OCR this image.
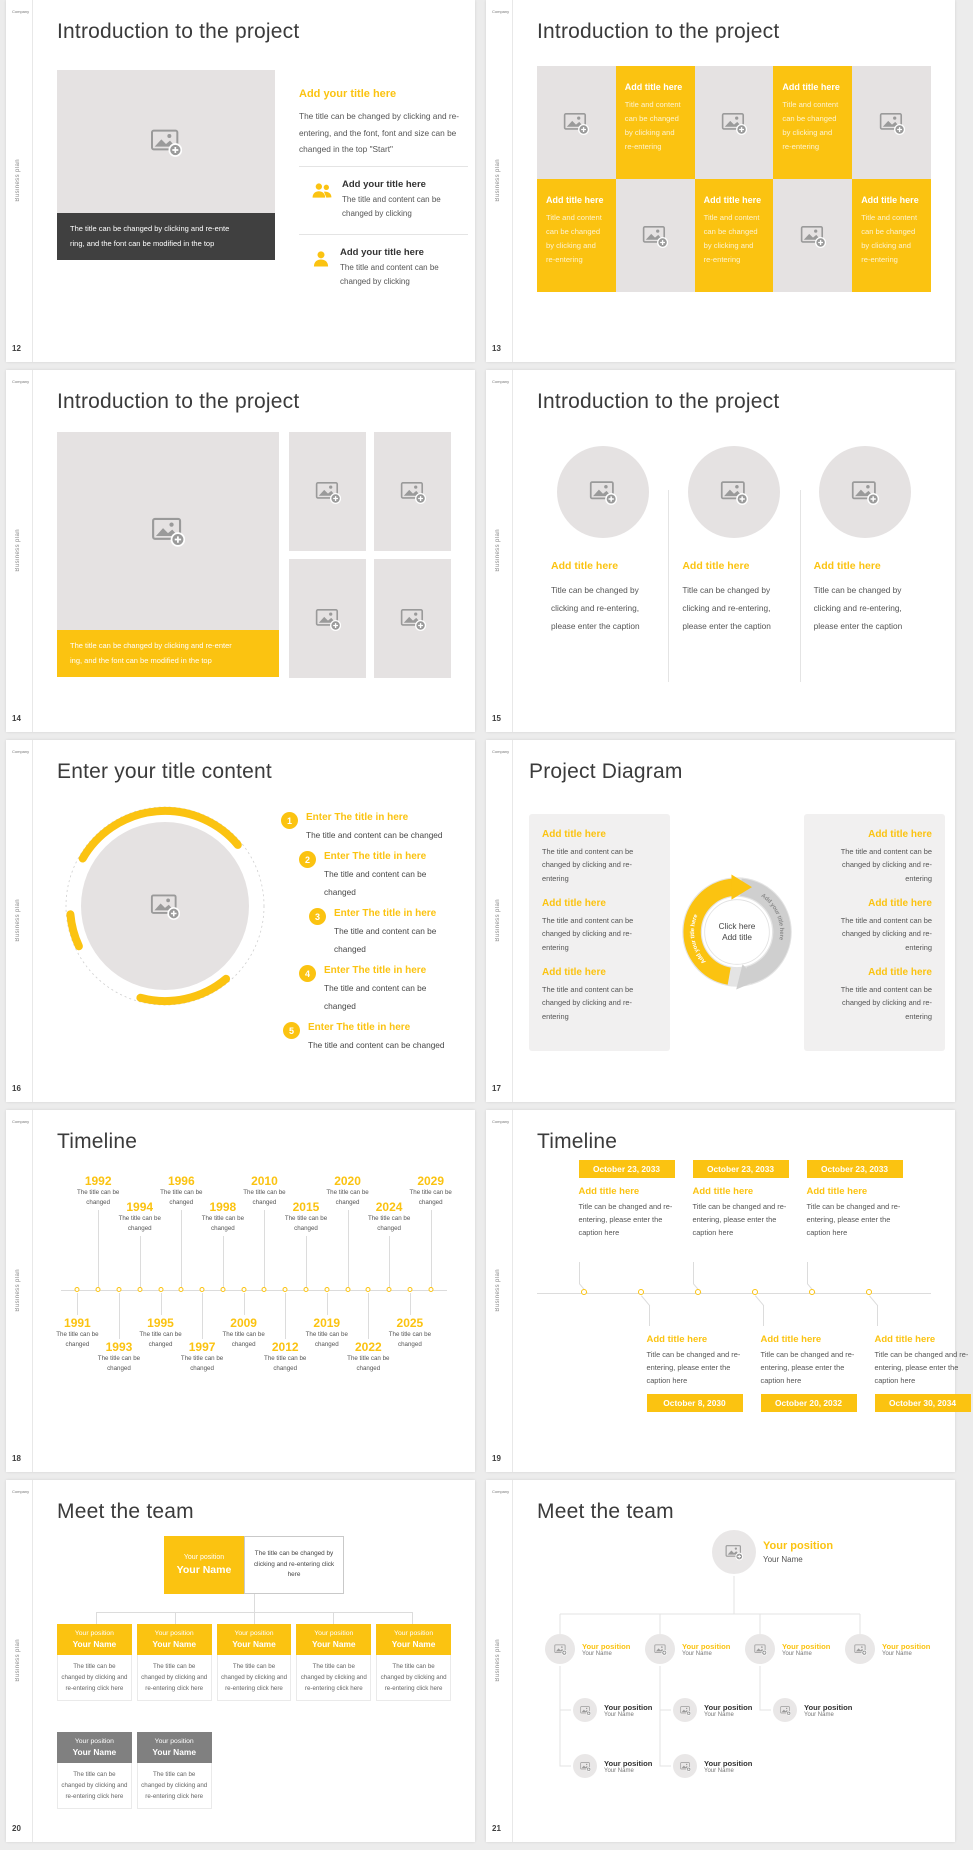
Company
Business plan
12
Introduction to the project
The title can be changed by clicking and re-ente
ring, and the font can be modified in the top
Add your title here

The title can be changed by clicking and re-entering, and the font, font and size can be changed in the top "Start"

Add your title here
The title and content can be changed by clicking
Add your title here
The title and content can be changed by clicking
Company
Business plan
13
Introduction to the project
Add title here

Title and content can be changed by clicking and re-entering

Add title here

Title and content can be changed by clicking and re-entering

Add title here

Title and content can be changed by clicking and re-entering

Add title here

Title and content can be changed by clicking and re-entering

Add title here

Title and content can be changed by clicking and re-entering

Company
Business plan
14
Introduction to the project
The title can be changed by clicking and re-enter
ing, and the font can be modified in the top
Company
Business plan
15
Introduction to the project
Add title here

Title can be changed by clicking and re-entering, please enter the caption

Add title here

Title can be changed by clicking and re-entering, please enter the caption

Add title here

Title can be changed by clicking and re-entering, please enter the caption

Company
Business plan
16
Enter your title content
1	Enter The title in here
The title and content can be changed
2	Enter The title in here
The title and content can be changed
3	Enter The title in here
The title and content can be changed
4	Enter The title in here
The title and content can be changed
5	Enter The title in here
The title and content can be changed
Company
Business plan
17
Project Diagram
Add title here

The title and content can be changed by clicking and re-entering

Add title here

The title and content can be changed by clicking and re-entering

Add title here

The title and content can be changed by clicking and re-entering

Add your title here
Add your title here
Click here
Add title
Add title here

The title and content can be changed by clicking and re-entering

Add title here

The title and content can be changed by clicking and re-entering

Add title here

The title and content can be changed by clicking and re-entering

Company
Business plan
18
Timeline
1991
The title can be changed
1992
The title can be changed
1993
The title can be changed
1994
The title can be changed
1995
The title can be changed
1996
The title can be changed
1997
The title can be changed
1998
The title can be changed
2009
The title can be changed
2010
The title can be changed
2012
The title can be changed
2015
The title can be changed
2019
The title can be changed
2020
The title can be changed
2022
The title can be changed
2024
The title can be changed
2025
The title can be changed
2029
The title can be changed
Company
Business plan
19
Timeline
October 23, 2033
Add title here

Title can be changed and re-entering, please enter the caption here

Add title here

Title can be changed and re-entering, please enter the caption here

October 8, 2030
October 23, 2033
Add title here

Title can be changed and re-entering, please enter the caption here

Add title here

Title can be changed and re-entering, please enter the caption here

October 20, 2032
October 23, 2033
Add title here

Title can be changed and re-entering, please enter the caption here

Add title here

Title can be changed and re-entering, please enter the caption here

October 30, 2034
Company
Business plan
20
Meet the team
Your position
Your Name
The title can be changed by clicking and re-entering click here
Your position
Your Name
The title can be changed by clicking and re-entering click here
Your position
Your Name
The title can be changed by clicking and re-entering click here
Your position
Your Name
The title can be changed by clicking and re-entering click here
Your position
Your Name
The title can be changed by clicking and re-entering click here
Your position
Your Name
The title can be changed by clicking and re-entering click here
Your position
Your Name
The title can be changed by clicking and re-entering click here
Your position
Your Name
The title can be changed by clicking and re-entering click here
Company
Business plan
21
Meet the team
Your position
Your Name
Your position
Your Name
Your position
Your Name
Your position
Your Name
Your position
Your Name
Your position
Your Name
Your position
Your Name
Your position
Your Name
Your position
Your Name
Your position
Your Name
